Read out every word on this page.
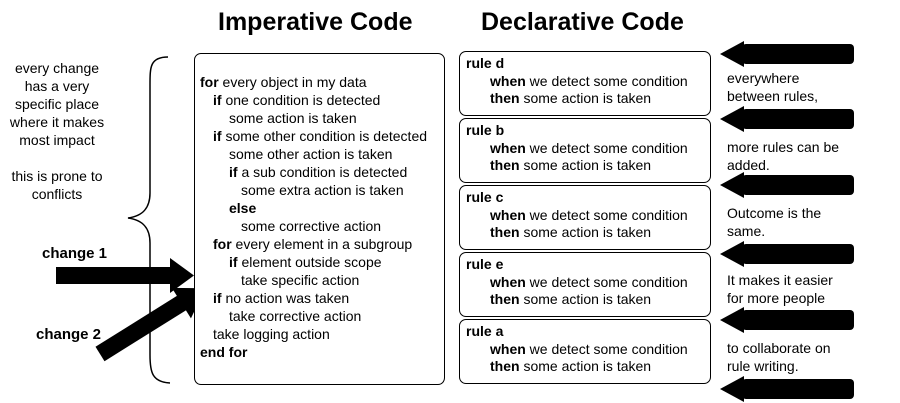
Imperative Code	Declarative Code
every change
has a very
specific place
where it makes
most impact
this is prone to
conflicts
change 1
change 2
for every object in my data
if one condition is detected
some action is taken
if some other condition is detected
some other action is taken
if a sub condition is detected
some extra action is taken
else
some corrective action
for every element in a subgroup
if element outside scope
take specific action
if no action was taken
take corrective action
take logging action
end for
rule d
when we detect some condition
then some action is taken
rule b
when we detect some condition
then some action is taken
rule c
when we detect some condition
then some action is taken
rule e
when we detect some condition
then some action is taken
rule a
when we detect some condition
then some action is taken
everywhere
between rules,
more rules can be
added.
Outcome is the
same.
It makes it easier
for more people
to collaborate on
rule writing.
